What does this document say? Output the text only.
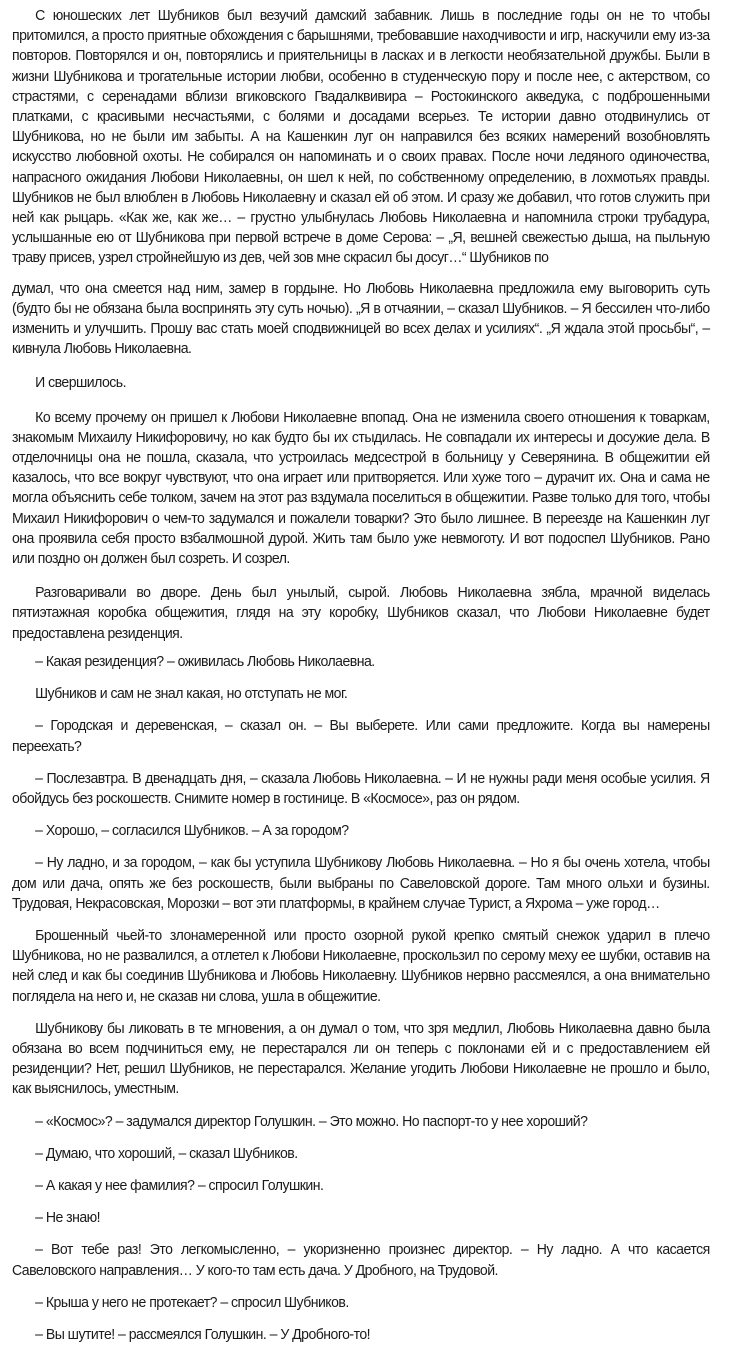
С юношеских лет Шубников был везучий дамский забавник. Лишь в последние годы он не то чтобы притомился, а просто приятные обхождения с барышнями, требовавшие находчивости и игр, наскучили ему из-за повторов. Повторялся и он, повторялись и приятельницы в ласках и в легкости необязательной дружбы. Были в жизни Шубникова и трогательные истории любви, особенно в студенческую пору и после нее, с актерством, со страстями, с серенадами вблизи вгиковского Гвадалквивира – Ростокинского акведука, с подброшенными платками, с красивыми несчастьями, с болями и досадами всерьез. Те истории давно отодвинулись от Шубникова, но не были им забыты. А на Кашенкин луг он направился без всяких намерений возобновлять искусство любовной охоты. Не собирался он напоминать и о своих правах. После ночи ледяного одиночества, напрасного ожидания Любови Николаевны, он шел к ней, по собственному определению, в лохмотьях правды. Шубников не был влюблен в Любовь Николаевну и сказал ей об этом. И сразу же добавил, что готов служить при ней как рыцарь. «Как же, как же… – грустно улыбнулась Любовь Николаевна и напомнила строки трубадура, услышанные ею от Шубникова при первой встрече в доме Серова: – „Я, вешней свежестью дыша, на пыльную траву присев, узрел стройнейшую из дев, чей зов мне скрасил бы досуг…“ Шубников по

думал, что она смеется над ним, замер в гордыне. Но Любовь Николаевна предложила ему выговорить суть (будто бы не обязана была воспринять эту суть ночью). „Я в отчаянии, – сказал Шубников. – Я бессилен что-либо изменить и улучшить. Прошу вас стать моей сподвижницей во всех делах и усилиях“. „Я ждала этой просьбы“, – кивнула Любовь Николаевна.

И свершилось.

Ко всему прочему он пришел к Любови Николаевне впопад. Она не изменила своего отношения к товаркам, знакомым Михаилу Никифоровичу, но как будто бы их стыдилась. Не совпадали их интересы и досужие дела. В отделочницы она не пошла, сказала, что устроилась медсестрой в больницу у Северянина. В общежитии ей казалось, что все вокруг чувствуют, что она играет или притворяется. Или хуже того – дурачит их. Она и сама не могла объяснить себе толком, зачем на этот раз вздумала поселиться в общежитии. Разве только для того, чтобы Михаил Никифорович о чем-то задумался и пожалели товарки? Это было лишнее. В переезде на Кашенкин луг она проявила себя просто взбалмошной дурой. Жить там было уже невмоготу. И вот подоспел Шубников. Рано или поздно он должен был созреть. И созрел.

Разговаривали во дворе. День был унылый, сырой. Любовь Николаевна зябла, мрачной виделась пятиэтажная коробка общежития, глядя на эту коробку, Шубников сказал, что Любови Николаевне будет предоставлена резиденция.

– Какая резиденция? – оживилась Любовь Николаевна.

Шубников и сам не знал какая, но отступать не мог.

– Городская и деревенская, – сказал он. – Вы выберете. Или сами предложите. Когда вы намерены переехать?

– Послезавтра. В двенадцать дня, – сказала Любовь Николаевна. – И не нужны ради меня особые усилия. Я обойдусь без роскошеств. Снимите номер в гостинице. В «Космосе», раз он рядом.

– Хорошо, – согласился Шубников. – А за городом?

– Ну ладно, и за городом, – как бы уступила Шубникову Любовь Николаевна. – Но я бы очень хотела, чтобы дом или дача, опять же без роскошеств, были выбраны по Савеловской дороге. Там много ольхи и бузины. Трудовая, Некрасовская, Морозки – вот эти платформы, в крайнем случае Турист, а Яхрома – уже город…

Брошенный чьей-то злонамеренной или просто озорной рукой крепко смятый снежок ударил в плечо Шубникова, но не развалился, а отлетел к Любови Николаевне, проскользил по серому меху ее шубки, оставив на ней след и как бы соединив Шубникова и Любовь Николаевну. Шубников нервно рассмеялся, а она внимательно поглядела на него и, не сказав ни слова, ушла в общежитие.

Шубникову бы ликовать в те мгновения, а он думал о том, что зря медлил, Любовь Николаевна давно была обязана во всем подчиниться ему, не перестарался ли он теперь с поклонами ей и с предоставлением ей резиденции? Нет, решил Шубников, не перестарался. Желание угодить Любови Николаевне не прошло и было, как выяснилось, уместным.

– «Космос»? – задумался директор Голушкин. – Это можно. Но паспорт-то у нее хороший?

– Думаю, что хороший, – сказал Шубников.

– А какая у нее фамилия? – спросил Голушкин.

– Не знаю!

– Вот тебе раз! Это легкомысленно, – укоризненно произнес директор. – Ну ладно. А что касается Савеловского направления… У кого-то там есть дача. У Дробного, на Трудовой.

– Крыша у него не протекает? – спросил Шубников.

– Вы шутите! – рассмеялся Голушкин. – У Дробного-то!
